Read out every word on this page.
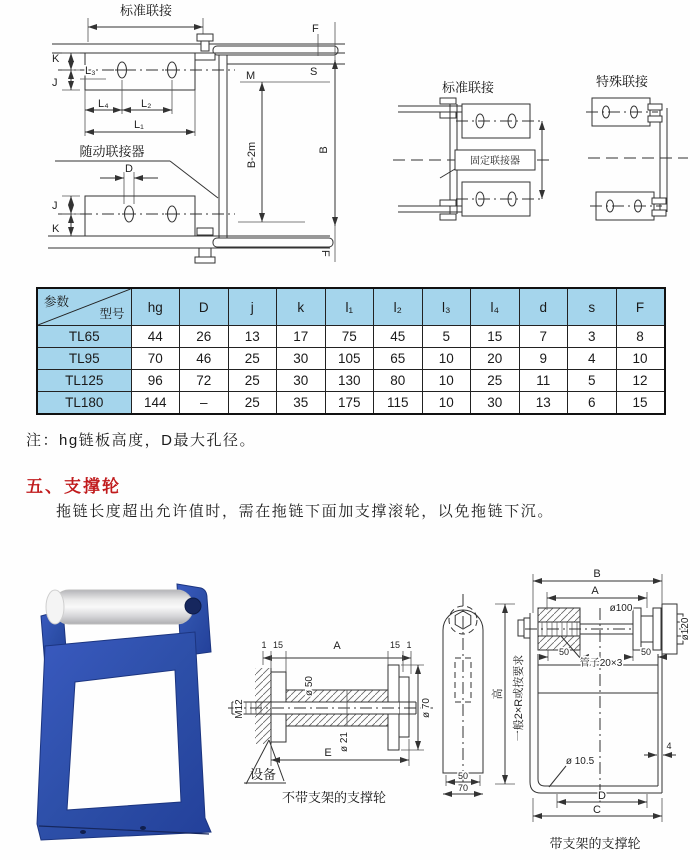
标准联接
K
J
L₃
L₄	L₂
L₁
M	S
B-2m	B
F
F
随动联接器
D
J
K
标准联接
固定联接器
特殊联接
参数
型号	hg	D	j	k	l₁	l₂	l₃	l₄	d	s	F
TL65	44	26	13	17	75	45	5	15	7	3	8
TL95	70	46	25	30	105	65	10	20	9	4	10
TL125	96	72	25	30	130	80	10	25	11	5	12
TL180	144	–	25	35	175	115	10	30	13	6	15
注：hg链板高度，D最大孔径。
五、支撑轮

拖链长度超出允许值时，需在拖链下面加支撑滚轮，以免拖链下沉。

1 15	A	15 1
M12
ø 50
ø 21
ø 70
E
设备
不带支架的支撑轮
50
70
高 一般2×R或按要求
B
A
ø100
ø120
50	50
管子20×3
ø 10.5
4
D
C
带支架的支撑轮
